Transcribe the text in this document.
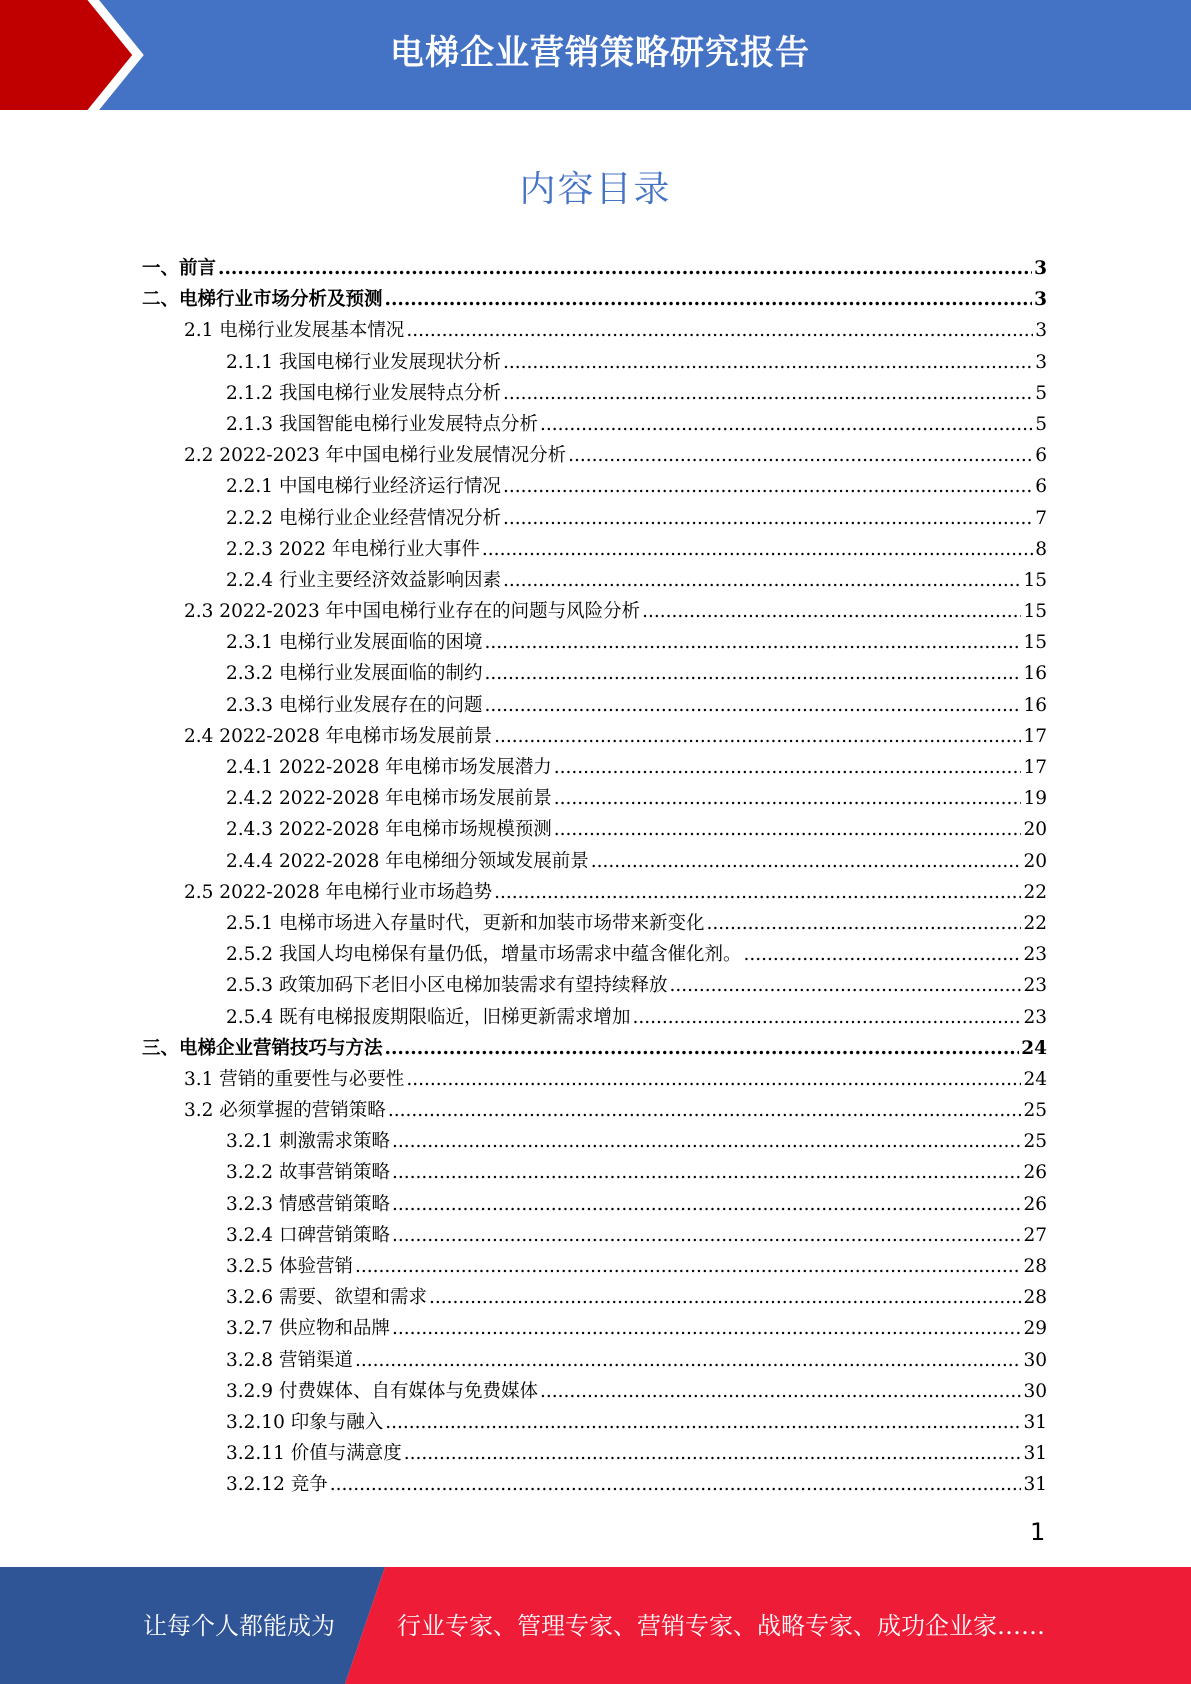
电梯企业营销策略研究报告
内容目录
一、前言 .....	3
二、电梯行业市场分析及预测 .....	3
2.1 电梯行业发展基本情况 .....	3
2.1.1 我国电梯行业发展现状分析 .....	3
2.1.2 我国电梯行业发展特点分析 .....	5
2.1.3 我国智能电梯行业发展特点分析 .....	5
2.2 2022-2023 年中国电梯行业发展情况分析 .....	6
2.2.1 中国电梯行业经济运行情况 .....	6
2.2.2 电梯行业企业经营情况分析 .....	7
2.2.3 2022 年电梯行业大事件 .....	8
2.2.4 行业主要经济效益影响因素 .....	15
2.3 2022-2023 年中国电梯行业存在的问题与风险分析 .....	15
2.3.1 电梯行业发展面临的困境 .....	15
2.3.2 电梯行业发展面临的制约 .....	16
2.3.3 电梯行业发展存在的问题 .....	16
2.4 2022-2028 年电梯市场发展前景 .....	17
2.4.1 2022-2028 年电梯市场发展潜力 .....	17
2.4.2 2022-2028 年电梯市场发展前景 .....	19
2.4.3 2022-2028 年电梯市场规模预测 .....	20
2.4.4 2022-2028 年电梯细分领域发展前景 .....	20
2.5 2022-2028 年电梯行业市场趋势 .....	22
2.5.1 电梯市场进入存量时代，更新和加装市场带来新变化 .....	22
2.5.2 我国人均电梯保有量仍低，增量市场需求中蕴含催化剂。 .....	23
2.5.3 政策加码下老旧小区电梯加装需求有望持续释放 .....	23
2.5.4 既有电梯报废期限临近，旧梯更新需求增加 .....	23
三、电梯企业营销技巧与方法 .....	24
3.1 营销的重要性与必要性 .....	24
3.2 必须掌握的营销策略 .....	25
3.2.1 刺激需求策略 .....	25
3.2.2 故事营销策略 .....	26
3.2.3 情感营销策略 .....	26
3.2.4 口碑营销策略 .....	27
3.2.5 体验营销 .....	28
3.2.6 需要、欲望和需求 .....	28
3.2.7 供应物和品牌 .....	29
3.2.8 营销渠道 .....	30
3.2.9 付费媒体、自有媒体与免费媒体 .....	30
3.2.10 印象与融入 .....	31
3.2.11 价值与满意度 .....	31
3.2.12 竞争 .....	31
1
让每个人都能成为	行业专家、管理专家、营销专家、战略专家、成功企业家……
